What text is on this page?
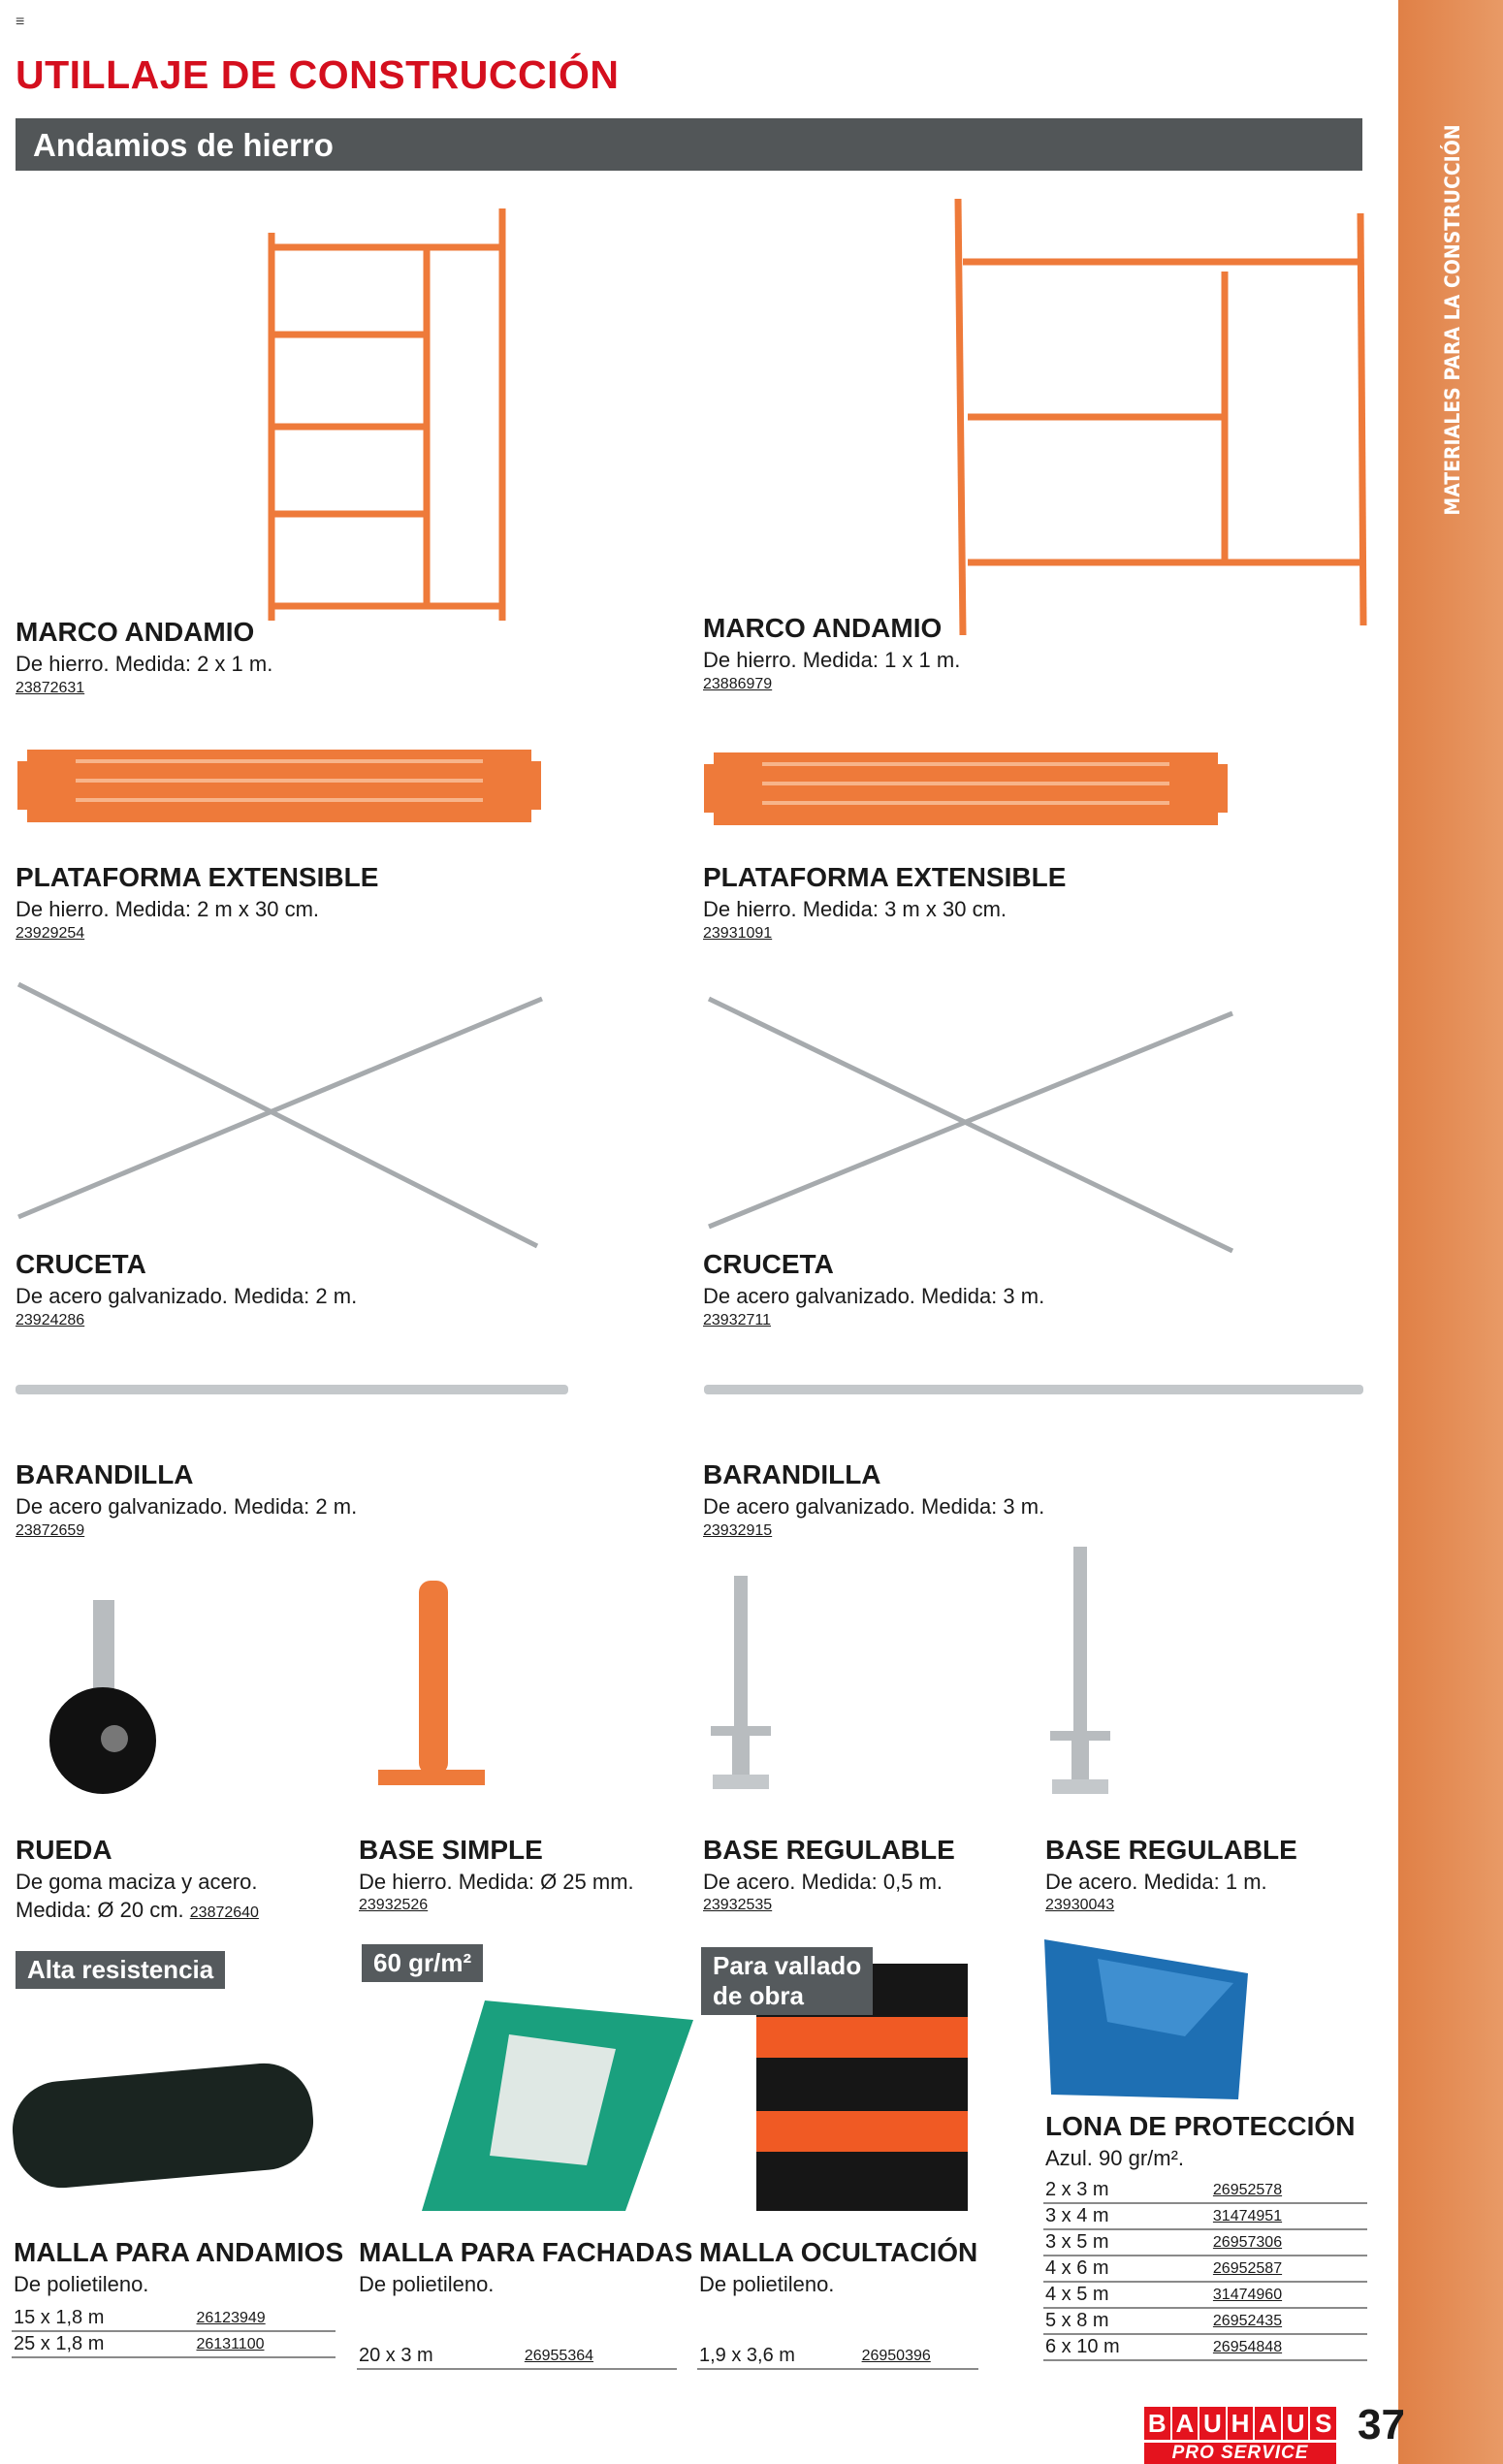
MATERIALES PARA LA CONSTRUCCIÓN
≡
UTILLAJE DE CONSTRUCCIÓN
Andamios de hierro
MARCO ANDAMIO
De hierro. Medida: 2 x 1 m.
23872631
MARCO ANDAMIO
De hierro. Medida: 1 x 1 m.
23886979
PLATAFORMA EXTENSIBLE
De hierro. Medida: 2 m x 30 cm.
23929254
PLATAFORMA EXTENSIBLE
De hierro. Medida: 3 m x 30 cm.
23931091
CRUCETA
De acero galvanizado. Medida: 2 m.
23924286
CRUCETA
De acero galvanizado. Medida: 3 m.
23932711
BARANDILLA
De acero galvanizado. Medida: 2 m.
23872659
BARANDILLA
De acero galvanizado. Medida: 3 m.
23932915
RUEDA
De goma maciza y acero.
Medida: Ø 20 cm. 23872640
BASE SIMPLE
De hierro. Medida: Ø 25 mm.
23932526
BASE REGULABLE
De acero. Medida: 0,5 m.
23932535
BASE REGULABLE
De acero. Medida: 1 m.
23930043
Alta resistencia	60 gr/m²	Para vallado
de obra
MALLA PARA ANDAMIOS
De polietileno.
15 x 1,8 m	26123949
25 x 1,8 m	26131100
MALLA PARA FACHADAS
De polietileno.
20 x 3 m	26955364
MALLA OCULTACIÓN
De polietileno.
1,9 x 3,6 m	26950396
LONA DE PROTECCIÓN
Azul. 90 gr/m².
2 x 3 m	26952578
3 x 4 m	31474951
3 x 5 m	26957306
4 x 6 m	26952587
4 x 5 m	31474960
5 x 8 m	26952435
6 x 10 m	26954848
B A U H A U S
PRO SERVICE
37
